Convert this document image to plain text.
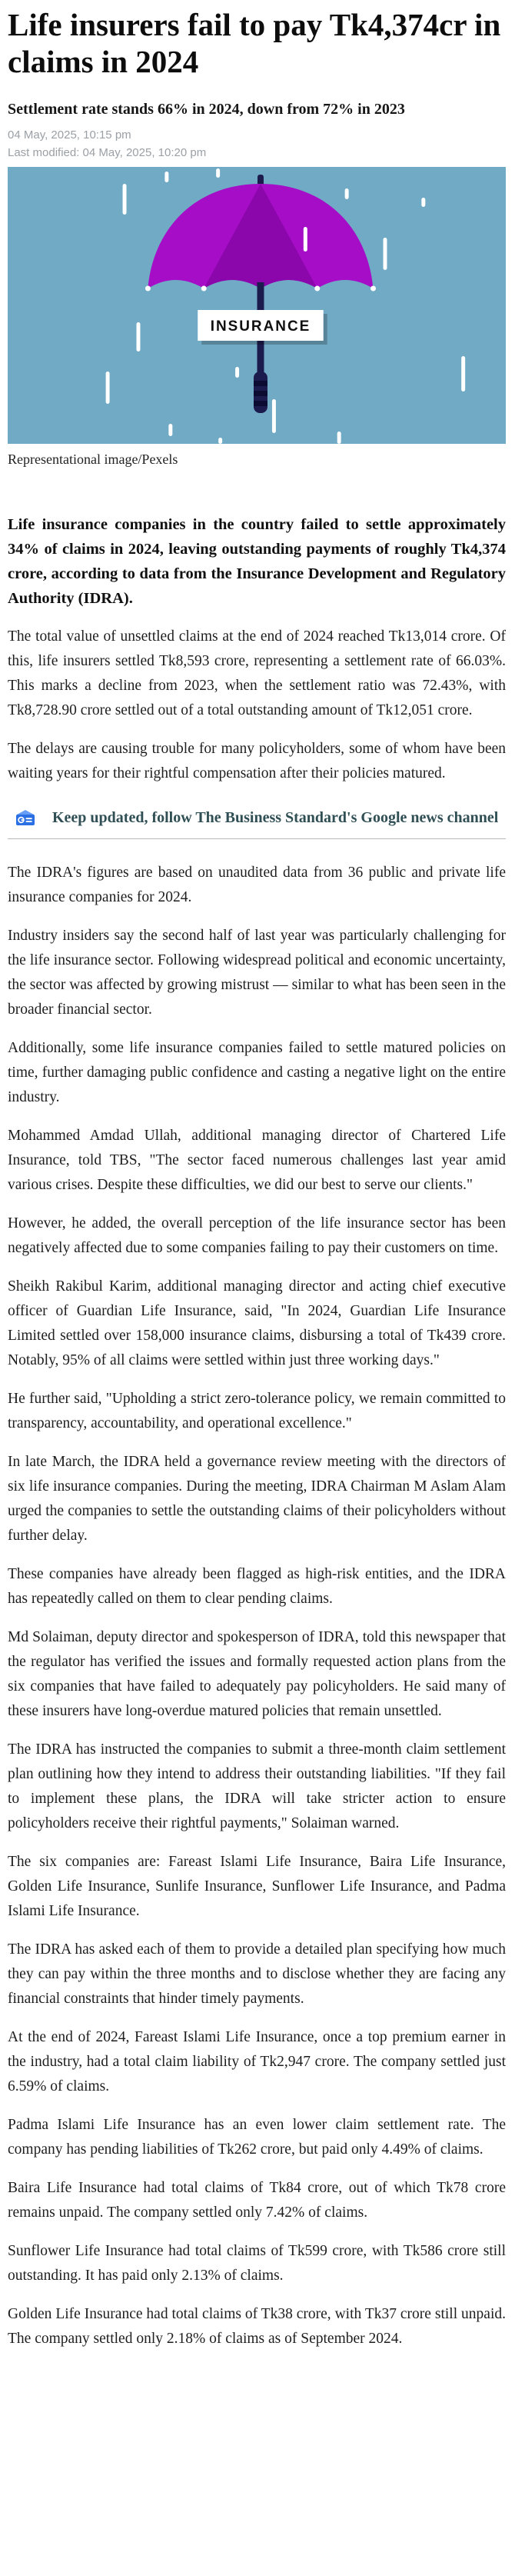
Life insurers fail to pay Tk4,374cr in claims in 2024
Settlement rate stands 66% in 2024, down from 72% in 2023
04 May, 2025, 10:15 pm
Last modified: 04 May, 2025, 10:20 pm
INSURANCE
Representational image/Pexels

Life insurance companies in the country failed to settle approximately 34% of claims in 2024, leaving outstanding payments of roughly Tk4,374 crore, according to data from the Insurance Development and Regulatory Authority (IDRA).

The total value of unsettled claims at the end of 2024 reached Tk13,014 crore. Of this, life insurers settled Tk8,593 crore, representing a settlement rate of 66.03%. This marks a decline from 2023, when the settlement ratio was 72.43%, with Tk8,728.90 crore settled out of a total outstanding amount of Tk12,051 crore.

The delays are causing trouble for many policyholders, some of whom have been waiting years for their rightful compensation after their policies matured.

Keep updated, follow The Business Standard's Google news channel

The IDRA's figures are based on unaudited data from 36 public and private life insurance companies for 2024.

Industry insiders say the second half of last year was particularly challenging for the life insurance sector. Following widespread political and economic uncertainty, the sector was affected by growing mistrust — similar to what has been seen in the broader financial sector.

Additionally, some life insurance companies failed to settle matured policies on time, further damaging public confidence and casting a negative light on the entire industry.

Mohammed Amdad Ullah, additional managing director of Chartered Life Insurance, told TBS, "The sector faced numerous challenges last year amid various crises. Despite these difficulties, we did our best to serve our clients."

However, he added, the overall perception of the life insurance sector has been negatively affected due to some companies failing to pay their customers on time.

Sheikh Rakibul Karim, additional managing director and acting chief executive officer of Guardian Life Insurance, said, "In 2024, Guardian Life Insurance Limited settled over 158,000 insurance claims, disbursing a total of Tk439 crore. Notably, 95% of all claims were settled within just three working days."

He further said, "Upholding a strict zero-tolerance policy, we remain committed to transparency, accountability, and operational excellence."

In late March, the IDRA held a governance review meeting with the directors of six life insurance companies. During the meeting, IDRA Chairman M Aslam Alam urged the companies to settle the outstanding claims of their policyholders without further delay.

These companies have already been flagged as high-risk entities, and the IDRA has repeatedly called on them to clear pending claims.

Md Solaiman, deputy director and spokesperson of IDRA, told this newspaper that the regulator has verified the issues and formally requested action plans from the six companies that have failed to adequately pay policyholders. He said many of these insurers have long-overdue matured policies that remain unsettled.

The IDRA has instructed the companies to submit a three-month claim settlement plan outlining how they intend to address their outstanding liabilities. "If they fail to implement these plans, the IDRA will take stricter action to ensure policyholders receive their rightful payments," Solaiman warned.

The six companies are: Fareast Islami Life Insurance, Baira Life Insurance, Golden Life Insurance, Sunlife Insurance, Sunflower Life Insurance, and Padma Islami Life Insurance.

The IDRA has asked each of them to provide a detailed plan specifying how much they can pay within the three months and to disclose whether they are facing any financial constraints that hinder timely payments.

At the end of 2024, Fareast Islami Life Insurance, once a top premium earner in the industry, had a total claim liability of Tk2,947 crore. The company settled just 6.59% of claims.

Padma Islami Life Insurance has an even lower claim settlement rate. The company has pending liabilities of Tk262 crore, but paid only 4.49% of claims.

Baira Life Insurance had total claims of Tk84 crore, out of which Tk78 crore remains unpaid. The company settled only 7.42% of claims.

Sunflower Life Insurance had total claims of Tk599 crore, with Tk586 crore still outstanding. It has paid only 2.13% of claims.

Golden Life Insurance had total claims of Tk38 crore, with Tk37 crore still unpaid. The company settled only 2.18% of claims as of September 2024.
